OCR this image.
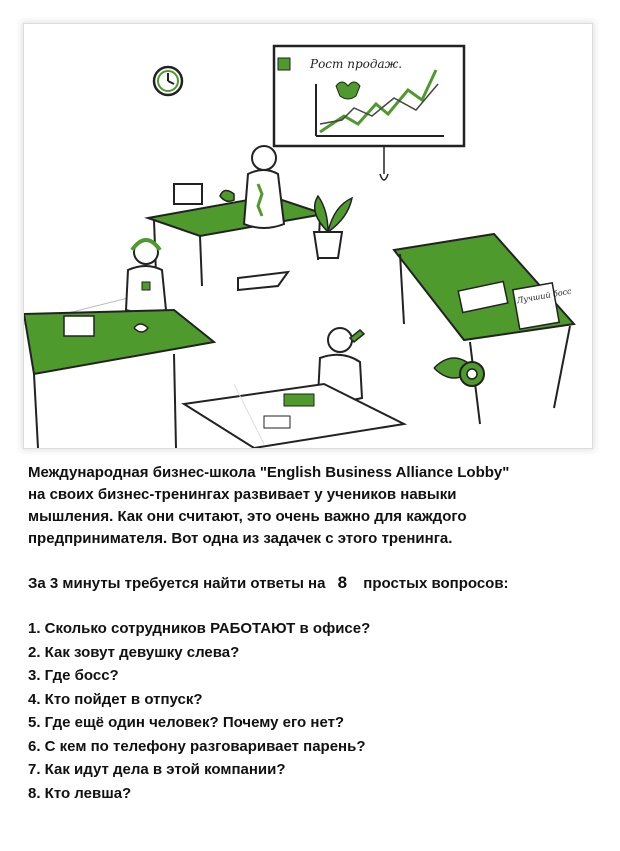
Рост продаж.
Лучший босс

Международная бизнес-школа "English Business Alliance Lobby"

на своих бизнес-тренингах развивает у учеников навыки

мышления. Как они считают, это очень важно для каждого

предпринимателя. Вот одна из задачек с этого тренинга.

За 3 минуты требуется найти ответы на 8 простых вопросов:

1. Сколько сотрудников РАБОТАЮТ в офисе?

2. Как зовут девушку слева?

3. Где босс?

4. Кто пойдет в отпуск?

5. Где ещё один человек? Почему его нет?

6. С кем по телефону разговаривает парень?

7. Как идут дела в этой компании?

8. Кто левша?
